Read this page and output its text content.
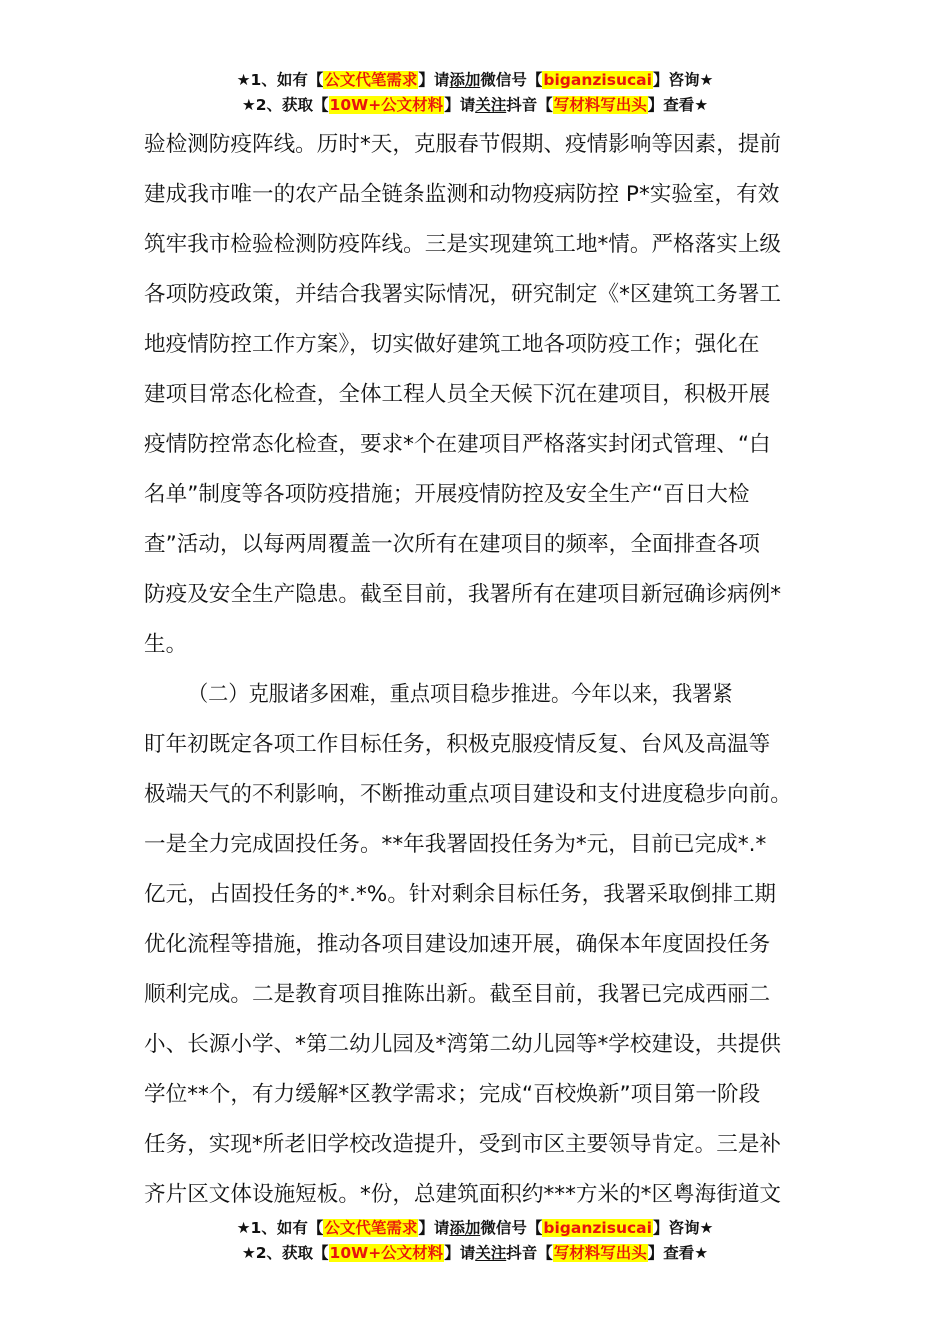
★1、如有【公文代笔需求】请添加微信号【biganzisucai】咨询★
★2、获取【10W+公文材料】请关注抖音【写材料写出头】查看★
验检测防疫阵线。历时*天，克服春节假期、疫情影响等因素，提前
建成我市唯一的农产品全链条监测和动物疫病防控 P*实验室，有效
筑牢我市检验检测防疫阵线。三是实现建筑工地*情。严格落实上级
各项防疫政策，并结合我署实际情况，研究制定《*区建筑工务署工
地疫情防控工作方案》，切实做好建筑工地各项防疫工作；强化在
建项目常态化检查，全体工程人员全天候下沉在建项目，积极开展
疫情防控常态化检查，要求*个在建项目严格落实封闭式管理、“白
名单”制度等各项防疫措施；开展疫情防控及安全生产“百日大检
查”活动，以每两周覆盖一次所有在建项目的频率，全面排查各项
防疫及安全生产隐患。截至目前，我署所有在建项目新冠确诊病例*
生。
（二）克服诸多困难，重点项目稳步推进。今年以来，我署紧
盯年初既定各项工作目标任务，积极克服疫情反复、台风及高温等
极端天气的不利影响，不断推动重点项目建设和支付进度稳步向前。
一是全力完成固投任务。**年我署固投任务为*元，目前已完成*.*
亿元，占固投任务的*.*%。针对剩余目标任务，我署采取倒排工期
优化流程等措施，推动各项目建设加速开展，确保本年度固投任务
顺利完成。二是教育项目推陈出新。截至目前，我署已完成西丽二
小、长源小学、*第二幼儿园及*湾第二幼儿园等*学校建设，共提供
学位**个，有力缓解*区教学需求；完成“百校焕新”项目第一阶段
任务，实现*所老旧学校改造提升，受到市区主要领导肯定。三是补
齐片区文体设施短板。*份，总建筑面积约***方米的*区粤海街道文
★1、如有【公文代笔需求】请添加微信号【biganzisucai】咨询★
★2、获取【10W+公文材料】请关注抖音【写材料写出头】查看★
